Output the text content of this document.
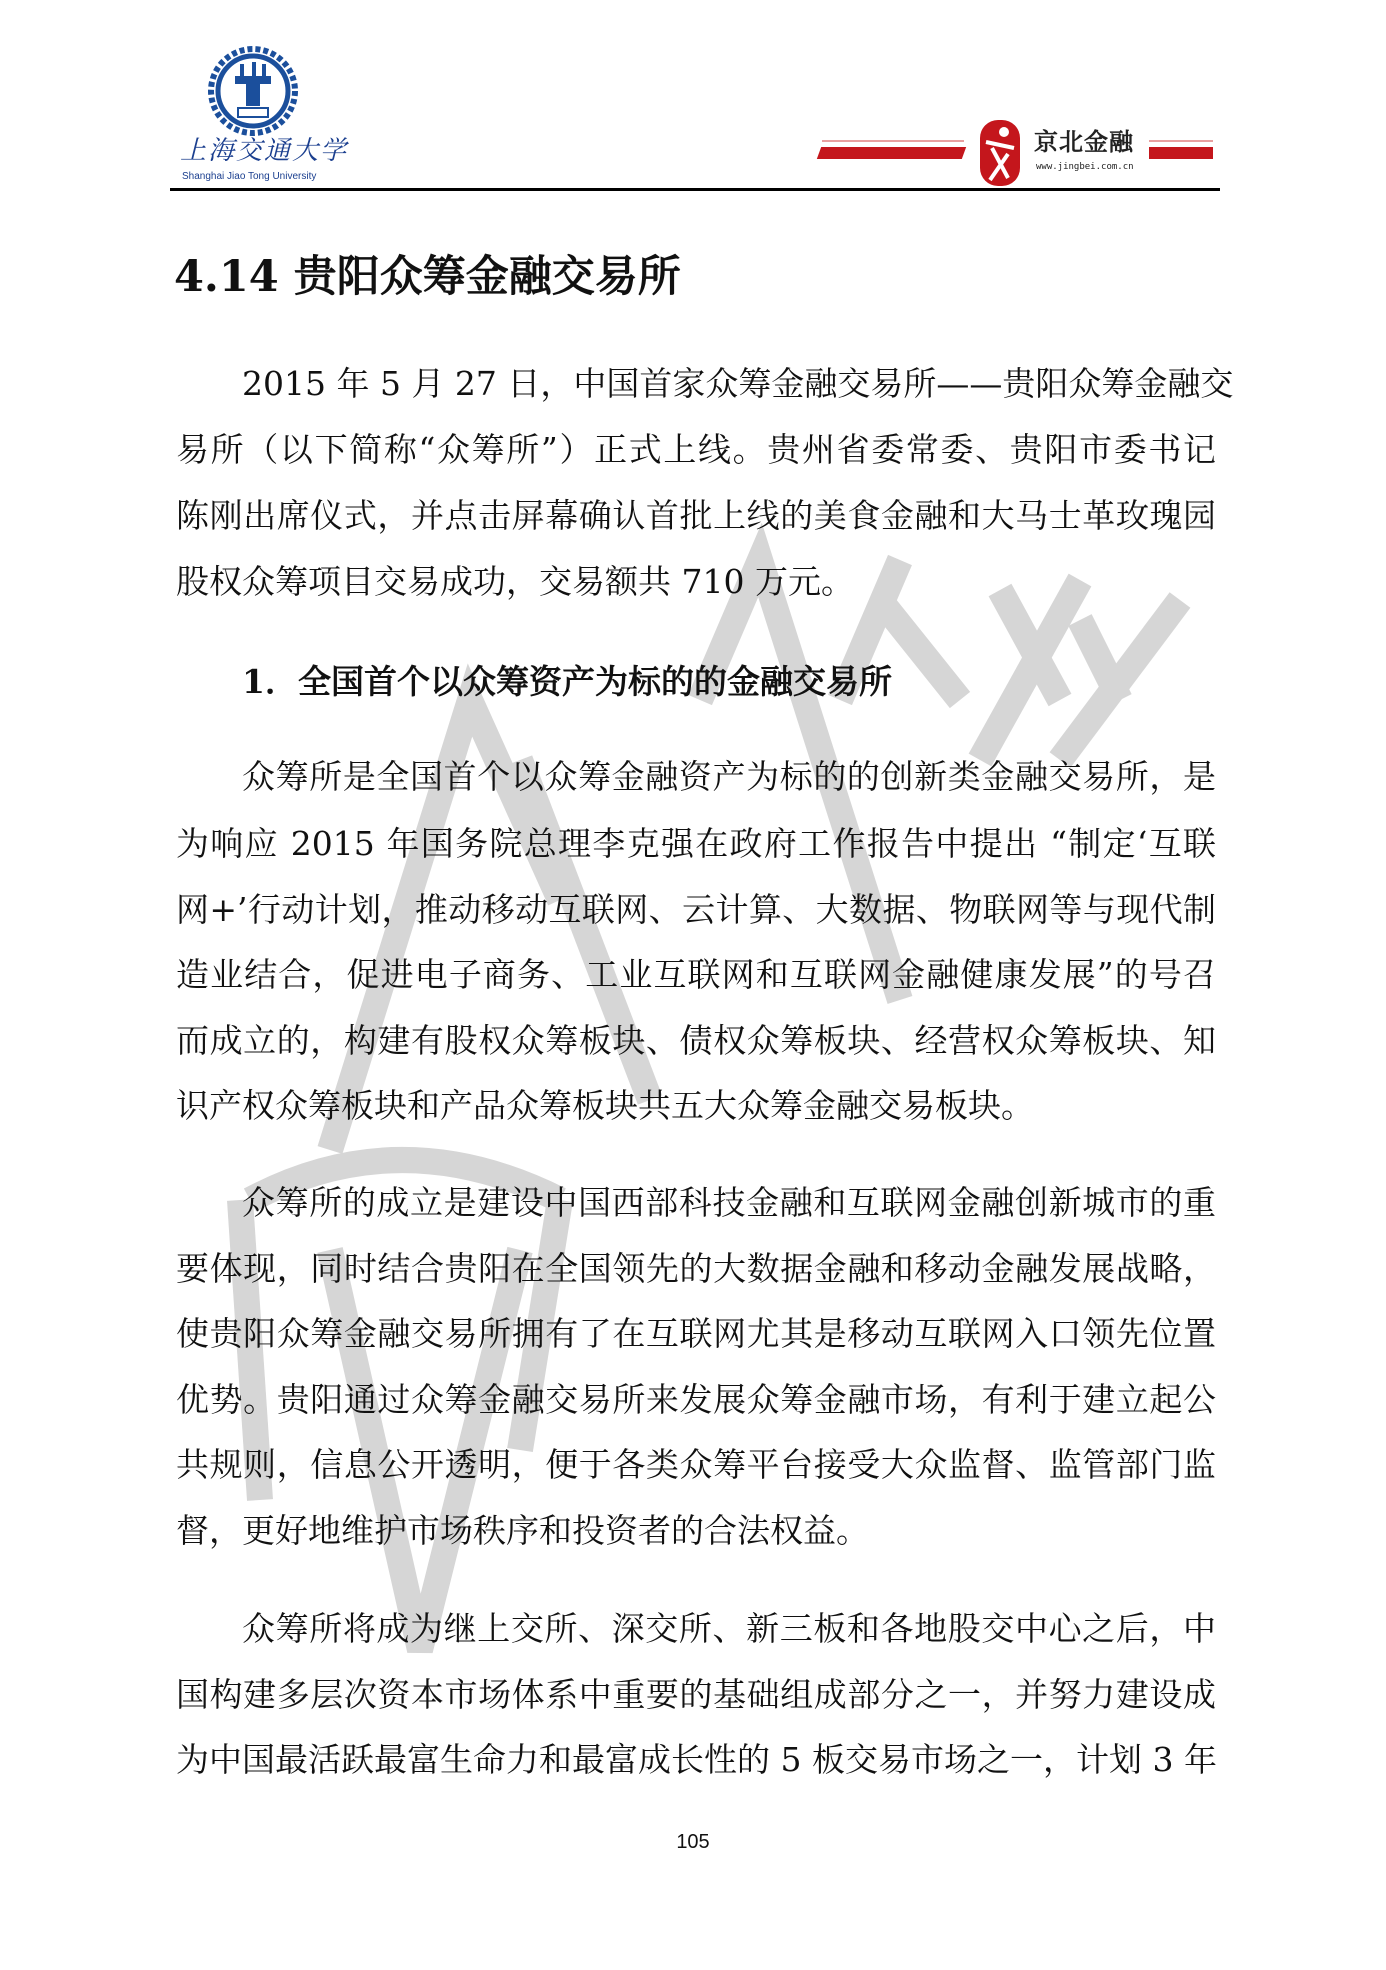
上海交通大学
Shanghai Jiao Tong University
京北金融
www.jingbei.com.cn
4.14 贵阳众筹金融交易所
2015 年 5 月 27 日，中国首家众筹金融交易所——贵阳众筹金融交
易所（以下简称“众筹所”）正式上线。贵州省委常委、贵阳市委书记
陈刚出席仪式，并点击屏幕确认首批上线的美食金融和大马士革玫瑰园
股权众筹项目交易成功，交易额共 710 万元。
1．全国首个以众筹资产为标的的金融交易所
众筹所是全国首个以众筹金融资产为标的的创新类金融交易所，是
为响应 2015 年国务院总理李克强在政府工作报告中提出 “制定‘互联
网+’行动计划，推动移动互联网、云计算、大数据、物联网等与现代制
造业结合，促进电子商务、工业互联网和互联网金融健康发展”的号召
而成立的，构建有股权众筹板块、债权众筹板块、经营权众筹板块、知
识产权众筹板块和产品众筹板块共五大众筹金融交易板块。
众筹所的成立是建设中国西部科技金融和互联网金融创新城市的重
要体现，同时结合贵阳在全国领先的大数据金融和移动金融发展战略，
使贵阳众筹金融交易所拥有了在互联网尤其是移动互联网入口领先位置
优势。贵阳通过众筹金融交易所来发展众筹金融市场，有利于建立起公
共规则，信息公开透明，便于各类众筹平台接受大众监督、监管部门监
督，更好地维护市场秩序和投资者的合法权益。
众筹所将成为继上交所、深交所、新三板和各地股交中心之后，中
国构建多层次资本市场体系中重要的基础组成部分之一，并努力建设成
为中国最活跃最富生命力和最富成长性的 5 板交易市场之一，计划 3 年
105
